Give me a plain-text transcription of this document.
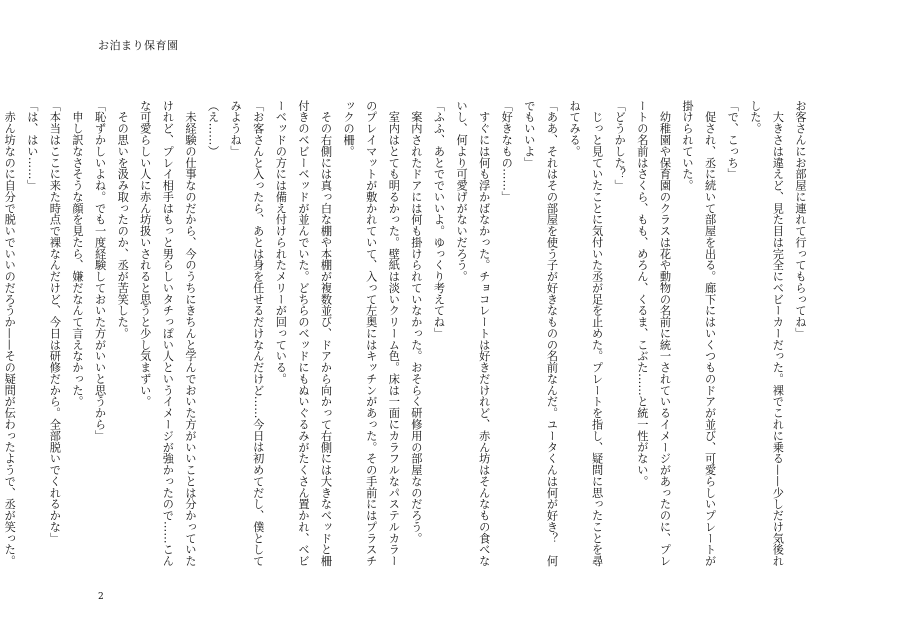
お泊まり保育園
お客さんにお部屋に連れて行ってもらってね」
　大きさは違えど、見た目は完全にベビーカーだった。裸でこれに乗る——少しだけ気後れ
した。
「で、こっち」
　促され、丞に続いて部屋を出る。廊下にはいくつものドアが並び、可愛らしいプレートが
掛けられていた。
　幼稚園や保育園のクラスは花や動物の名前に統一されているイメージがあったのに、プレ
ートの名前はさくら、もも、めろん、くるま、こぶた……と統一性がない。
「どうかした？」
　じっと見ていたことに気付いた丞が足を止めた。プレートを指し、疑問に思ったことを尋
ねてみる。
「ああ、それはその部屋を使う子が好きなものの名前なんだ。ユータくんは何が好き？　何
でもいいよ」
「好きなもの……」
　すぐには何も浮かばなかった。チョコレートは好きだけれど、赤ん坊はそんなもの食べな
いし、何より可愛げがないだろう。
「ふふ、あとででいいよ。ゆっくり考えてね」
　案内されたドアには何も掛けられていなかった。おそらく研修用の部屋なのだろう。
　室内はとても明るかった。壁紙は淡いクリーム色。床は一面にカラフルなパステルカラー
のプレイマットが敷かれていて、入って左奥にはキッチンがあった。その手前にはプラスチ
ックの柵。
　その右側には真っ白な棚や本棚が複数並び、ドアから向かって右側には大きなベッドと柵
付きのベビーベッドが並んでいた。どちらのベッドにもぬいぐるみがたくさん置かれ、ベビ
ーベッドの方には備え付けられたメリーが回っている。
「お客さんと入ったら、あとは身を任せるだけなんだけど……今日は初めてだし、僕として
みようね」
（え……）
　未経験の仕事なのだから、今のうちにきちんと学んでおいた方がいいことは分かっていた
けれど、プレイ相手はもっと男らしいタチっぽい人というイメージが強かったので……こん
な可愛らしい人に赤ん坊扱いされると思うと少し気まずい。
　その思いを汲み取ったのか、丞が苦笑した。
「恥ずかしいよね。でも一度経験しておいた方がいいと思うから」
　申し訳なさそうな顔を見たら、嫌だなんて言えなかった。
「本当はここに来た時点で裸なんだけど、今日は研修だから。全部脱いでくれるかな」
「は、はい……」
　赤ん坊なのに自分で脱いでいいのだろうか——その疑問が伝わったようで、丞が笑った。
2
